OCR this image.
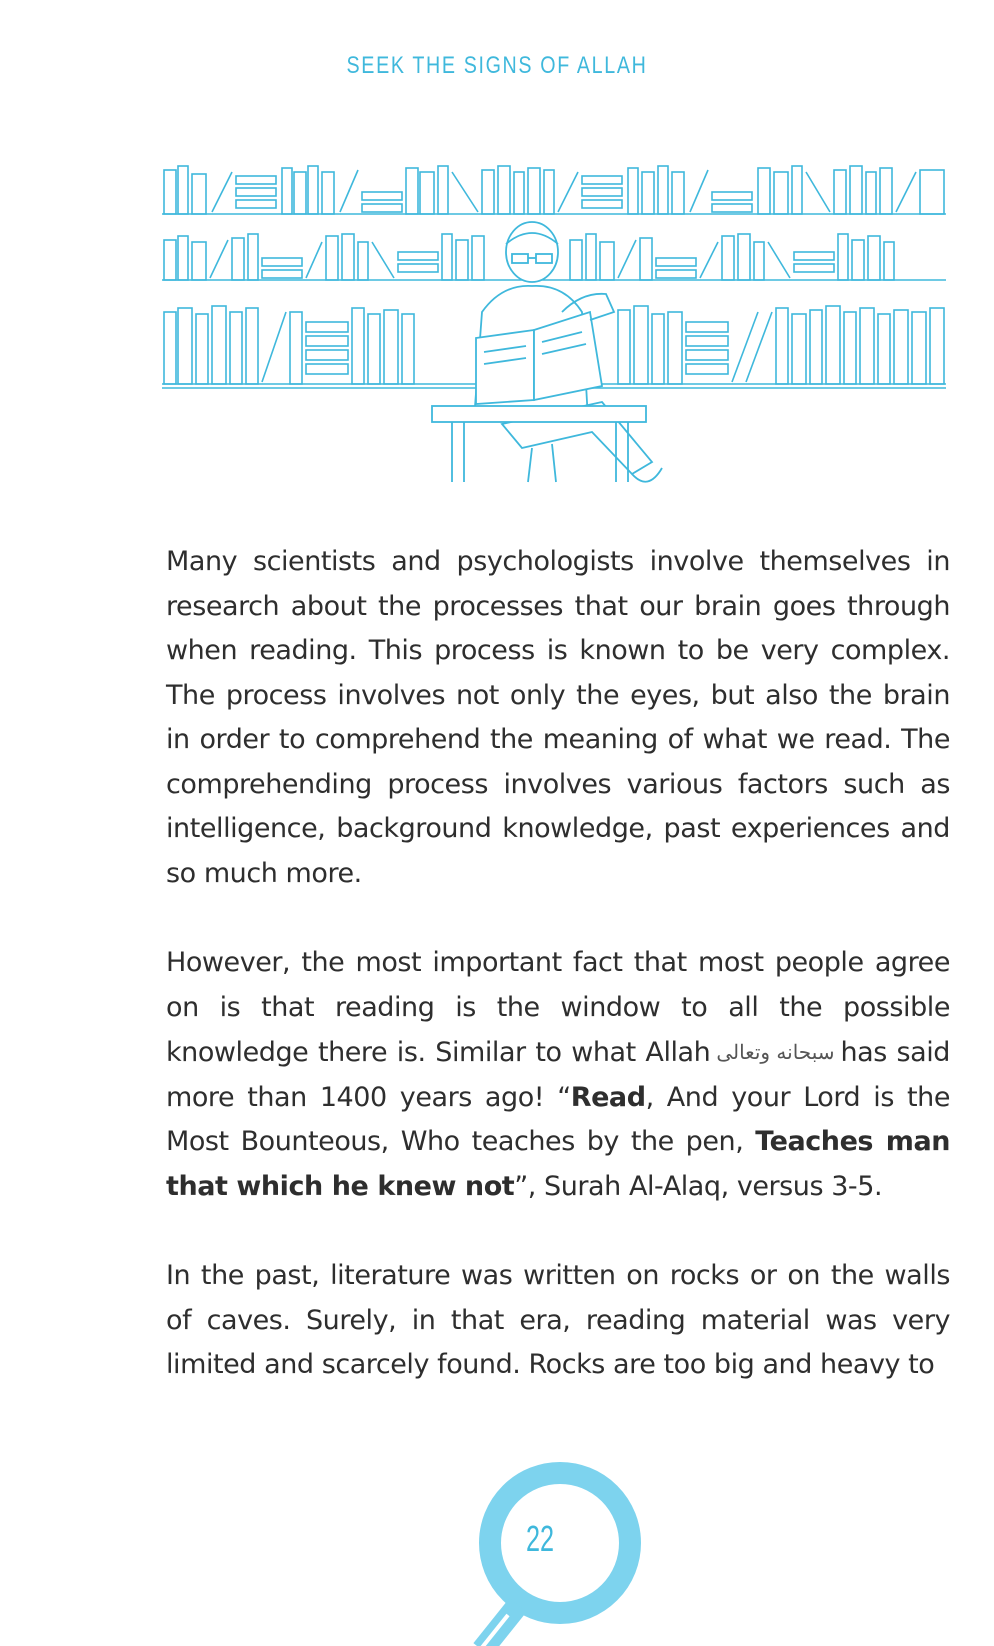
SEEK THE SIGNS OF ALLAH

Many scientists and psychologists involve themselves in research about the processes that our brain goes through when reading. This process is known to be very complex. The process involves not only the eyes, but also the brain in order to comprehend the meaning of what we read. The comprehending process involves various factors such as intelligence, background knowledge, past experiences and so much more.

However, the most important fact that most people agree on is that reading is the window to all the possible knowledge there is. Similar to what Allah سبحانه وتعالى has said more than 1400 years ago! “Read, And your Lord is the Most Bounteous, Who teaches by the pen, Teaches man that which he knew not”, Surah Al-Alaq, versus 3-5.

In the past, literature was written on rocks or on the walls of caves. Surely, in that era, reading material was very limited and scarcely found. Rocks are too big and heavy to

22
